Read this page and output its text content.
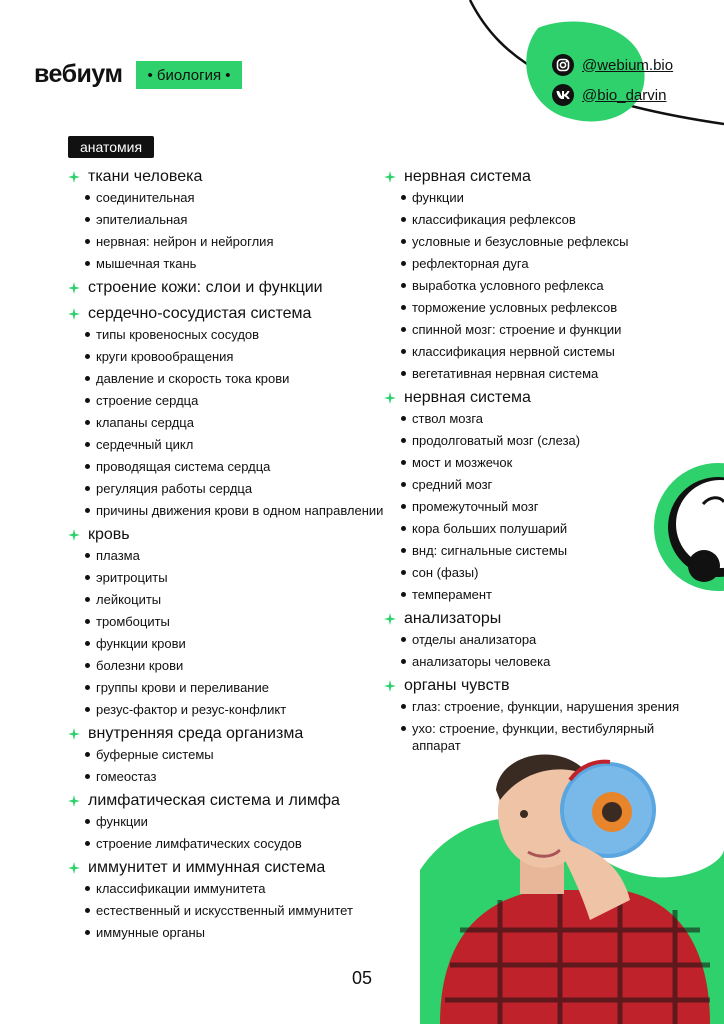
вебиум	• биология •
@webium.bio
@bio_darvin
анатомия
ткани человека
соединительная
эпителиальная
нервная: нейрон и нейроглия
мышечная ткань
строение кожи: слои и функции
сердечно-сосудистая система
типы кровеносных сосудов
круги кровообращения
давление и скорость тока крови
строение сердца
клапаны сердца
сердечный цикл
проводящая система сердца
регуляция работы сердца
причины движения крови в одном направлении
кровь
плазма
эритроциты
лейкоциты
тромбоциты
функции крови
болезни крови
группы крови и переливание
резус-фактор и резус-конфликт
внутренняя среда организма
буферные системы
гомеостаз
лимфатическая система и лимфа
функции
строение лимфатических сосудов
иммунитет и иммунная система
классификации иммунитета
естественный и искусственный иммунитет
иммунные органы
нервная система
функции
классификация рефлексов
условные и безусловные рефлексы
рефлекторная дуга
выработка условного рефлекса
торможение условных рефлексов
спинной мозг: строение и функции
классификация нервной системы
вегетативная нервная система
нервная система
ствол мозга
продолговатый мозг (слеза)
мост и мозжечок
средний мозг
промежуточный мозг
кора больших полушарий
внд: сигнальные системы
сон (фазы)
темперамент
анализаторы
отделы анализатора
анализаторы человека
органы чувств
глаз: строение, функции, нарушения зрения
ухо: строение, функции, вестибулярный аппарат
05
